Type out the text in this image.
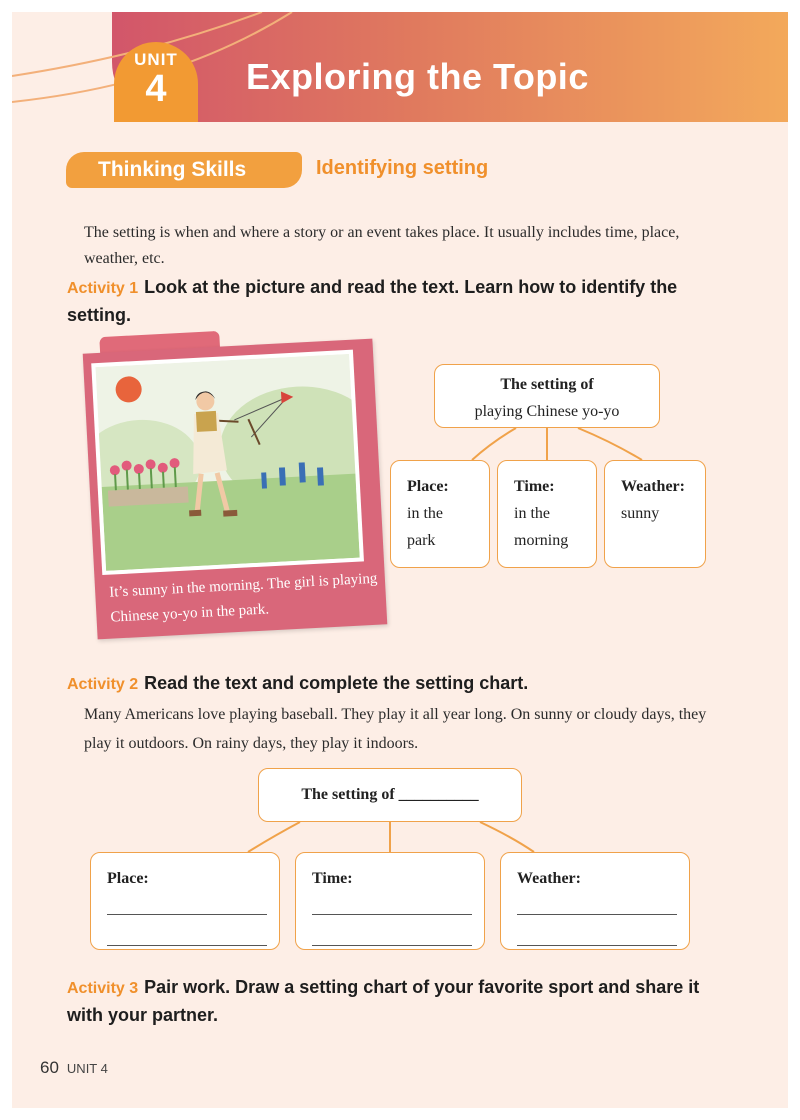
UNIT
4	Exploring the Topic
Thinking Skills	Identifying setting
The setting is when and where a story or an event takes place. It usually includes time, place, weather, etc.
Activity 1 Look at the picture and read the text. Learn how to identify the setting.
It’s sunny in the morning. The girl is playing Chinese yo-yo in the park.
The setting of
playing Chinese yo-yo
Place:
in the
park
Time:
in the
morning
Weather:
sunny
Activity 2 Read the text and complete the setting chart.
Many Americans love playing baseball. They play it all year long. On sunny or cloudy days, they play it outdoors. On rainy days, they play it indoors.
The setting of __________
Place:	Time:	Weather:
Activity 3 Pair work. Draw a setting chart of your favorite sport and share it with your partner.
60 UNIT 4
